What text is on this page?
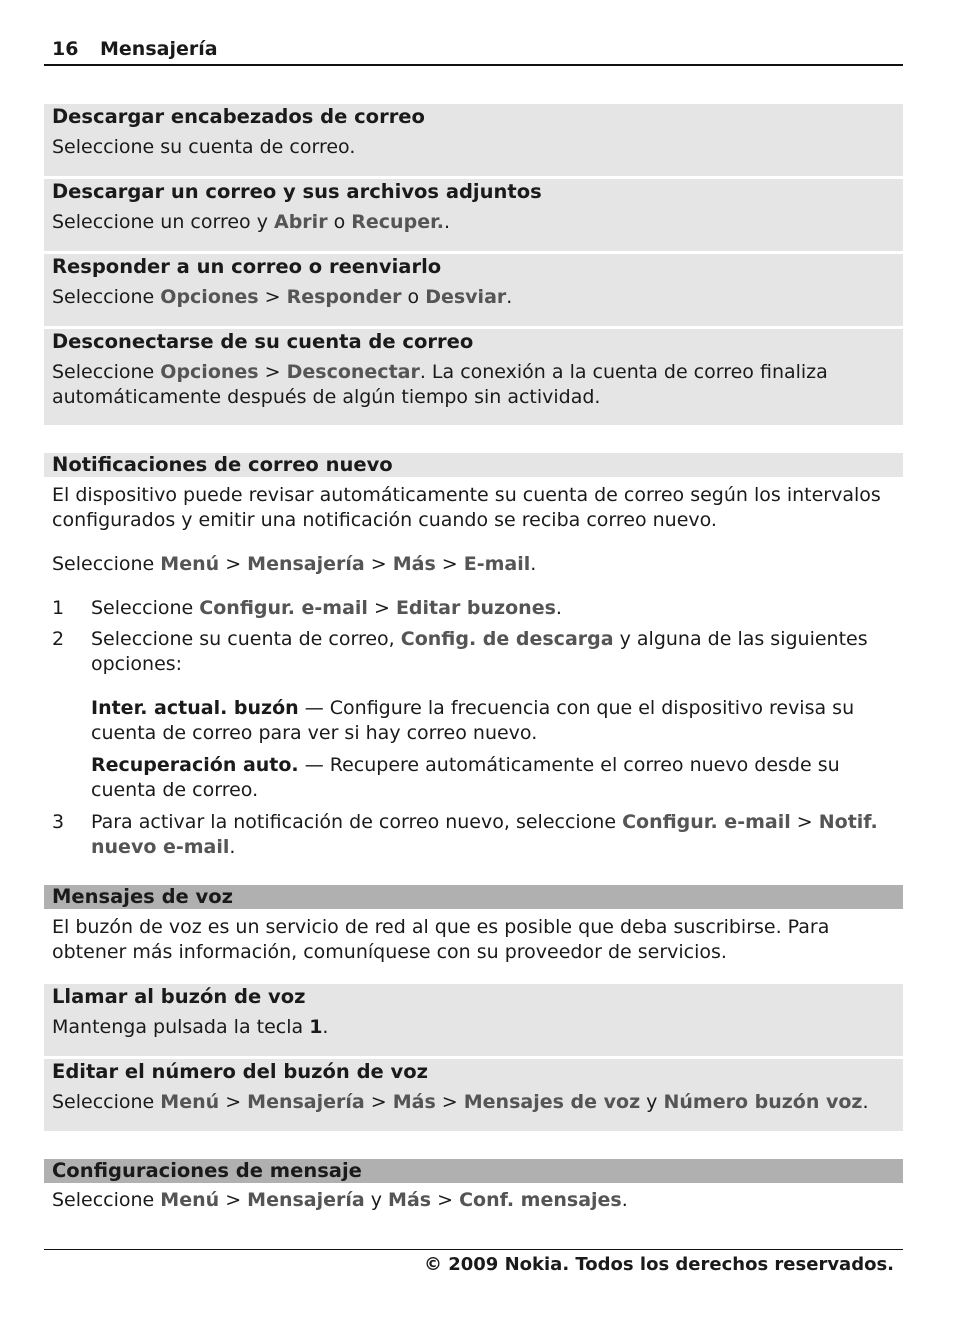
16 Mensajería
Descargar encabezados de correo
Seleccione su cuenta de correo.
Descargar un correo y sus archivos adjuntos
Seleccione un correo y Abrir o Recuper..
Responder a un correo o reenviarlo
Seleccione Opciones > Responder o Desviar.
Desconectarse de su cuenta de correo
Seleccione Opciones > Desconectar. La conexión a la cuenta de correo finaliza automáticamente después de algún tiempo sin actividad.
Notificaciones de correo nuevo
El dispositivo puede revisar automáticamente su cuenta de correo según los intervalos configurados y emitir una notificación cuando se reciba correo nuevo.
Seleccione Menú > Mensajería > Más > E-mail.
1 Seleccione Configur. e-mail > Editar buzones.
2 Seleccione su cuenta de correo, Config. de descarga y alguna de las siguientes opciones:
Inter. actual. buzón — Configure la frecuencia con que el dispositivo revisa su cuenta de correo para ver si hay correo nuevo.
Recuperación auto. — Recupere automáticamente el correo nuevo desde su cuenta de correo.
3 Para activar la notificación de correo nuevo, seleccione Configur. e-mail > Notif. nuevo e-mail.
Mensajes de voz
El buzón de voz es un servicio de red al que es posible que deba suscribirse. Para obtener más información, comuníquese con su proveedor de servicios.
Llamar al buzón de voz
Mantenga pulsada la tecla 1.
Editar el número del buzón de voz
Seleccione Menú > Mensajería > Más > Mensajes de voz y Número buzón voz.
Configuraciones de mensaje
Seleccione Menú > Mensajería y Más > Conf. mensajes.
© 2009 Nokia. Todos los derechos reservados.
